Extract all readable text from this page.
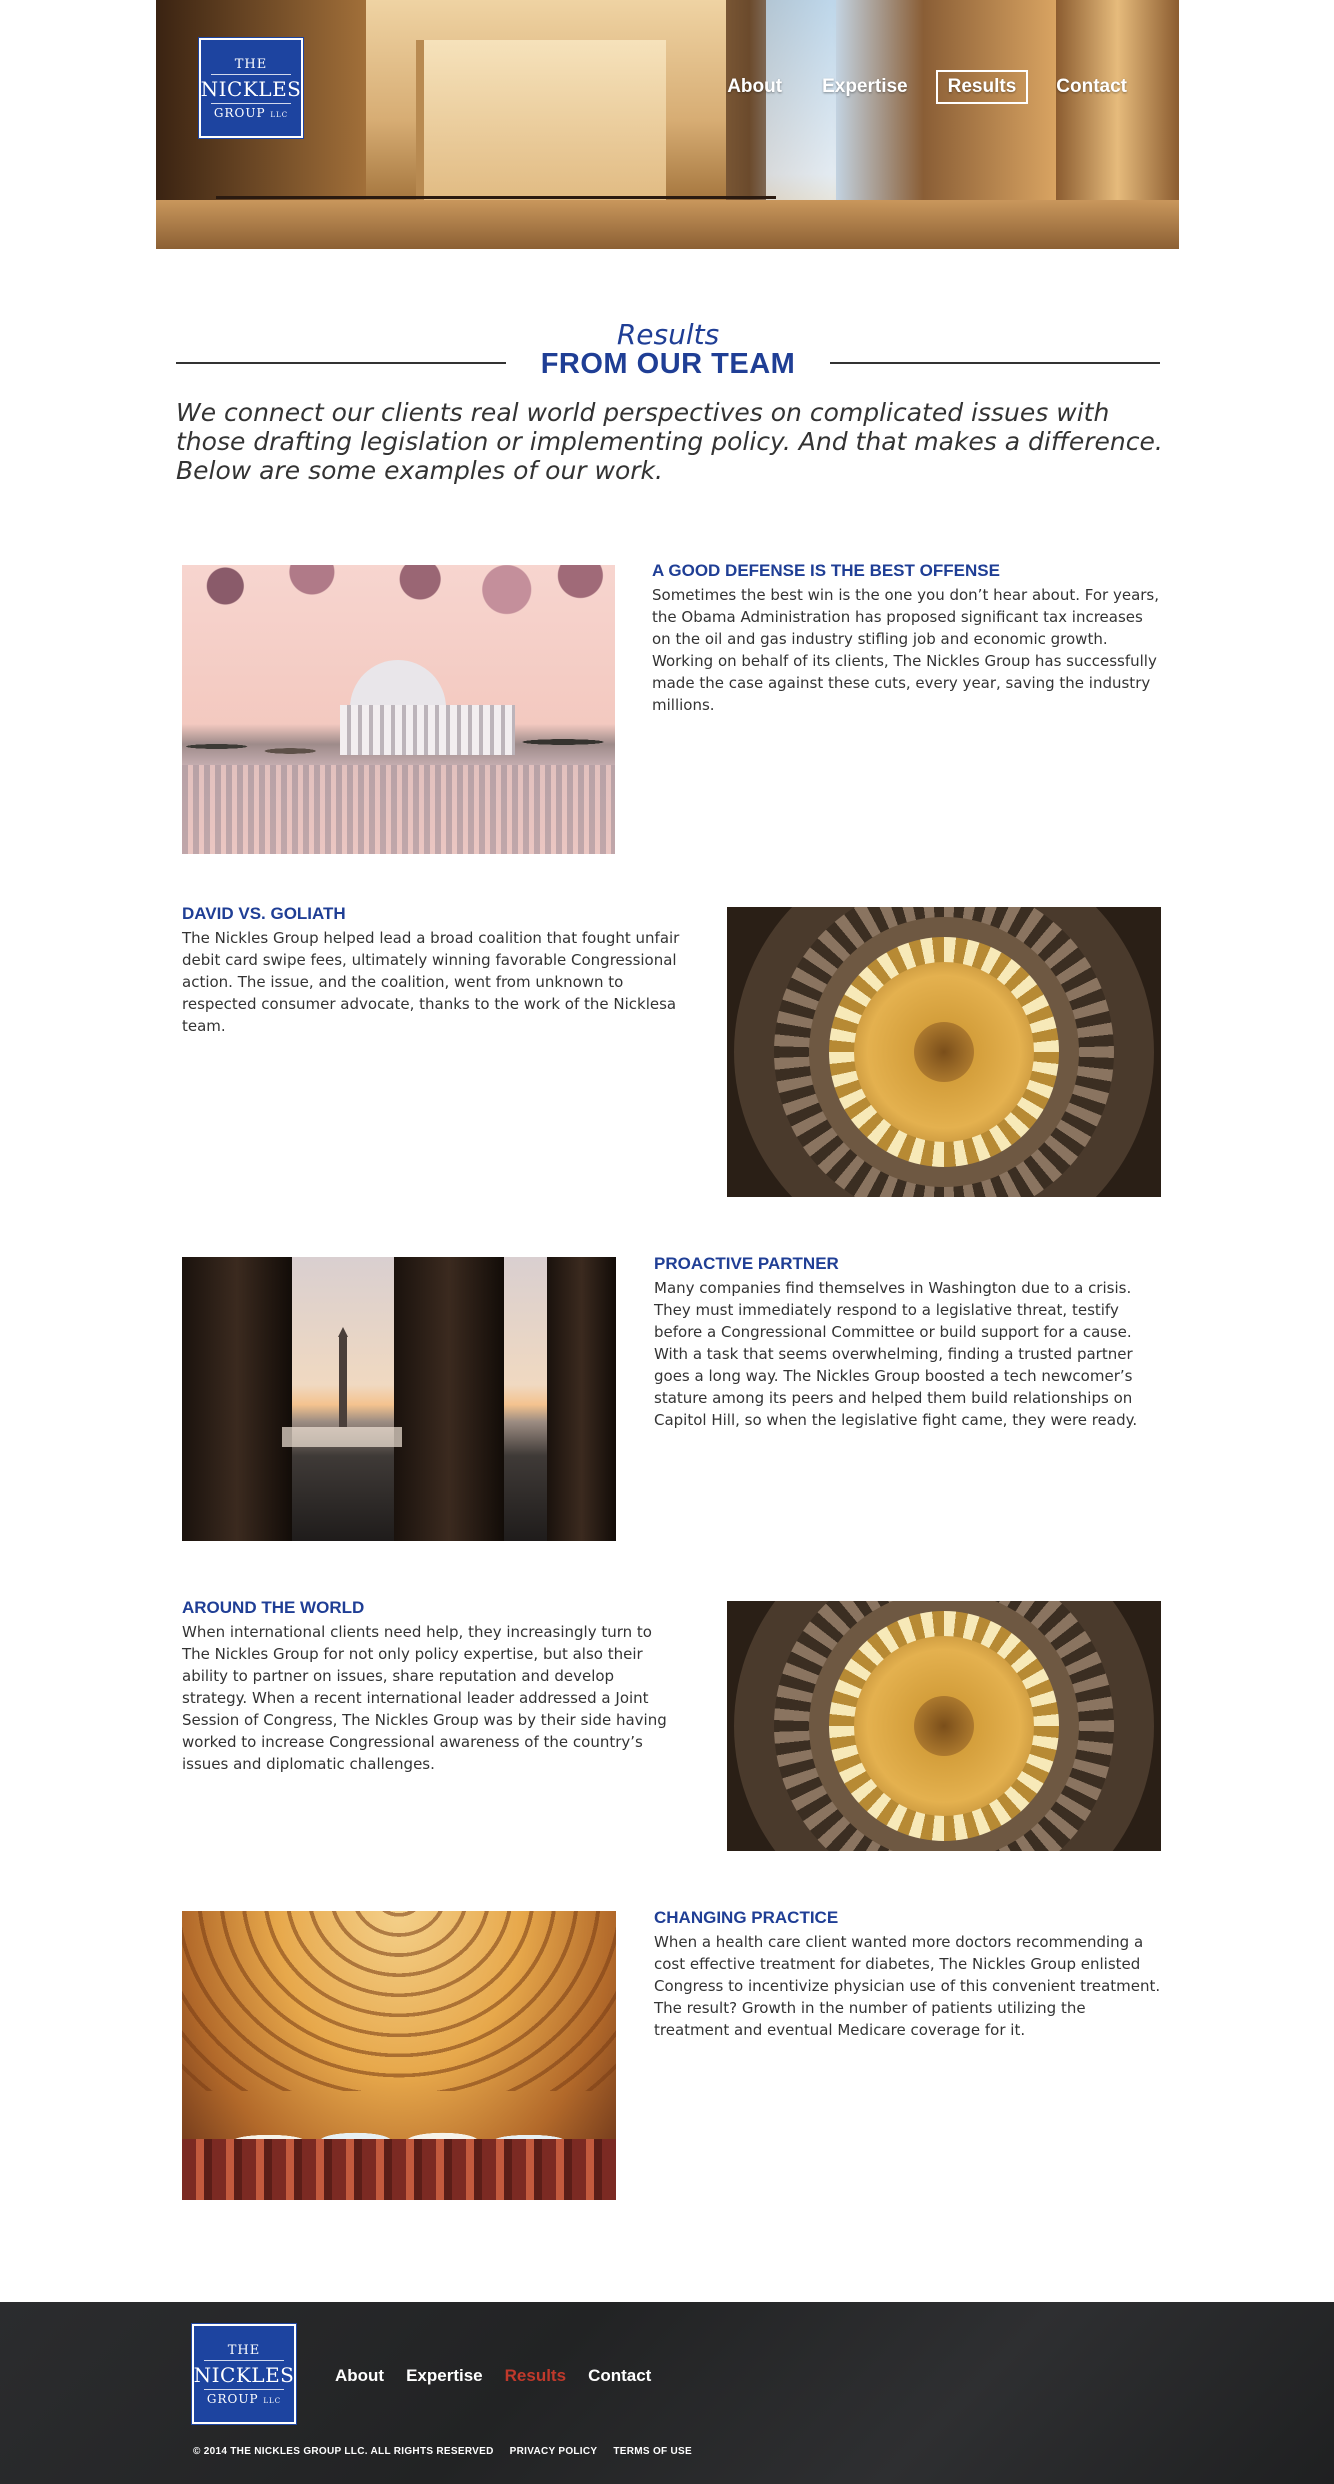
THE
NICKLES
GROUP LLC
About	Expertise	Results	Contact
Results
FROM OUR TEAM

We connect our clients real world perspectives on complicated issues with those drafting legislation or implementing policy. And that makes a difference. Below are some examples of our work.

A GOOD DEFENSE IS THE BEST OFFENSE
Sometimes the best win is the one you don’t hear about. For years, the Obama Administration has proposed significant tax increases on the oil and gas industry stifling job and economic growth. Working on behalf of its clients, The Nickles Group has successfully made the case against these cuts, every year, saving the industry millions.
DAVID VS. GOLIATH
The Nickles Group helped lead a broad coalition that fought unfair debit card swipe fees, ultimately winning favorable Congressional action. The issue, and the coalition, went from unknown to respected consumer advocate, thanks to the work of the Nicklesa team.
PROACTIVE PARTNER
Many companies find themselves in Washington due to a crisis. They must immediately respond to a legislative threat, testify before a Congressional Committee or build support for a cause. With a task that seems overwhelming, finding a trusted partner goes a long way. The Nickles Group boosted a tech newcomer’s stature among its peers and helped them build relationships on Capitol Hill, so when the legislative fight came, they were ready.
AROUND THE WORLD
When international clients need help, they increasingly turn to The Nickles Group for not only policy expertise, but also their ability to partner on issues, share reputation and develop strategy. When a recent international leader addressed a Joint Session of Congress, The Nickles Group was by their side having worked to increase Congressional awareness of the country’s issues and diplomatic challenges.
CHANGING PRACTICE
When a health care client wanted more doctors recommending a cost effective treatment for diabetes, The Nickles Group enlisted Congress to incentivize physician use of this convenient treatment. The result? Growth in the number of patients utilizing the treatment and eventual Medicare coverage for it.
THE
NICKLES
GROUP LLC
About Expertise Results Contact
© 2014 THE NICKLES GROUP LLC. ALL RIGHTS RESERVED PRIVACY POLICY TERMS OF USE
